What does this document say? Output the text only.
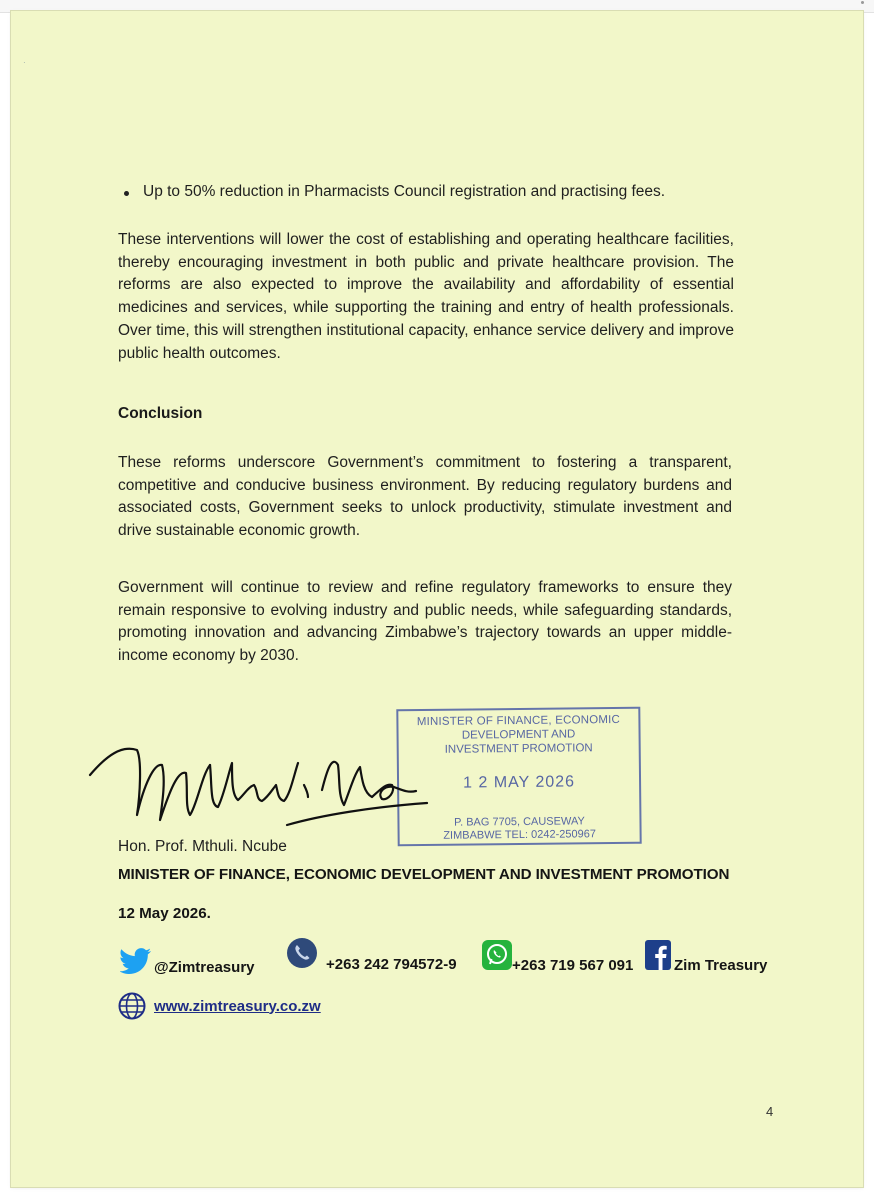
·
Up to 50% reduction in Pharmacists Council registration and practising fees.
These interventions will lower the cost of establishing and operating healthcare facilities, thereby encouraging investment in both public and private healthcare provision. The reforms are also expected to improve the availability and affordability of essential medicines and services, while supporting the training and entry of health professionals. Over time, this will strengthen institutional capacity, enhance service delivery and improve public health outcomes.
Conclusion
These reforms underscore Government’s commitment to fostering a transparent, competitive and conducive business environment. By reducing regulatory burdens and associated costs, Government seeks to unlock productivity, stimulate investment and drive sustainable economic growth.
Government will continue to review and refine regulatory frameworks to ensure they remain responsive to evolving industry and public needs, while safeguarding standards, promoting innovation and advancing Zimbabwe’s trajectory towards an upper middle-income economy by 2030.
MINISTER OF FINANCE, ECONOMIC
DEVELOPMENT AND
INVESTMENT PROMOTION
1 2 MAY 2026
P. BAG 7705, CAUSEWAY
ZIMBABWE TEL: 0242-250967
Hon. Prof. Mthuli. Ncube
MINISTER OF FINANCE, ECONOMIC DEVELOPMENT AND INVESTMENT PROMOTION
12 May 2026.
@Zimtreasury	+263 242 794572-9	+263 719 567 091	Zim Treasury
www.zimtreasury.co.zw
4
